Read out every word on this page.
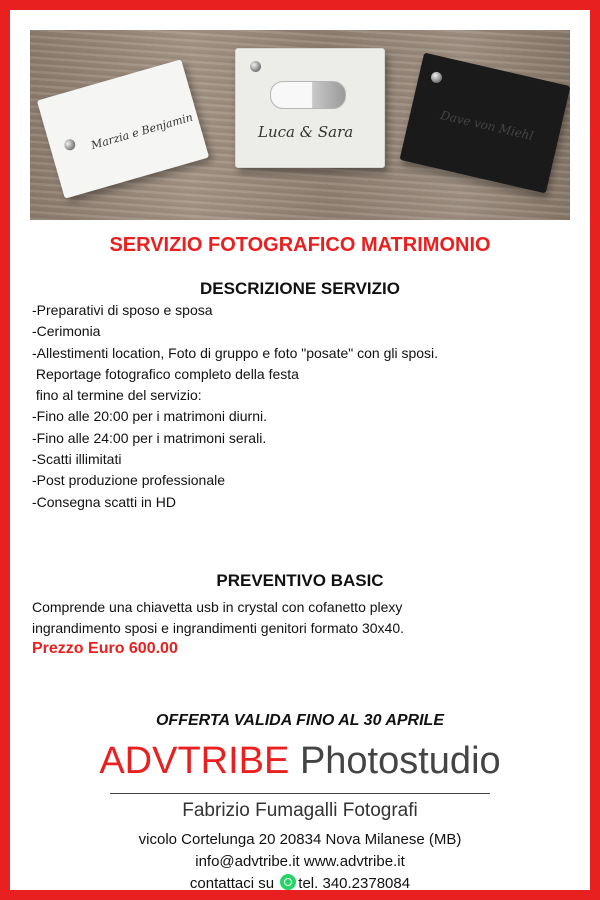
Marzia e Benjamin	Luca & Sara	Dave von Miehl
SERVIZIO FOTOGRAFICO MATRIMONIO
DESCRIZIONE SERVIZIO
-Preparativi di sposo e sposa
-Cerimonia
-Allestimenti location, Foto di gruppo e foto "posate" con gli sposi.
Reportage fotografico completo della festa
fino al termine del servizio:
-Fino alle 20:00 per i matrimoni diurni.
-Fino alle 24:00 per i matrimoni serali.
-Scatti illimitati
-Post produzione professionale
-Consegna scatti in HD
PREVENTIVO BASIC
Comprende una chiavetta usb in crystal con cofanetto plexy
ingrandimento sposi e ingrandimenti genitori formato 30x40.
Prezzo Euro 600.00
OFFERTA VALIDA FINO AL 30 APRILE
ADVTRIBE Photostudio
Fabrizio Fumagalli Fotografi
vicolo Cortelunga 20 20834 Nova Milanese (MB)
info@advtribe.it www.advtribe.it
contattaci su tel. 340.2378084
